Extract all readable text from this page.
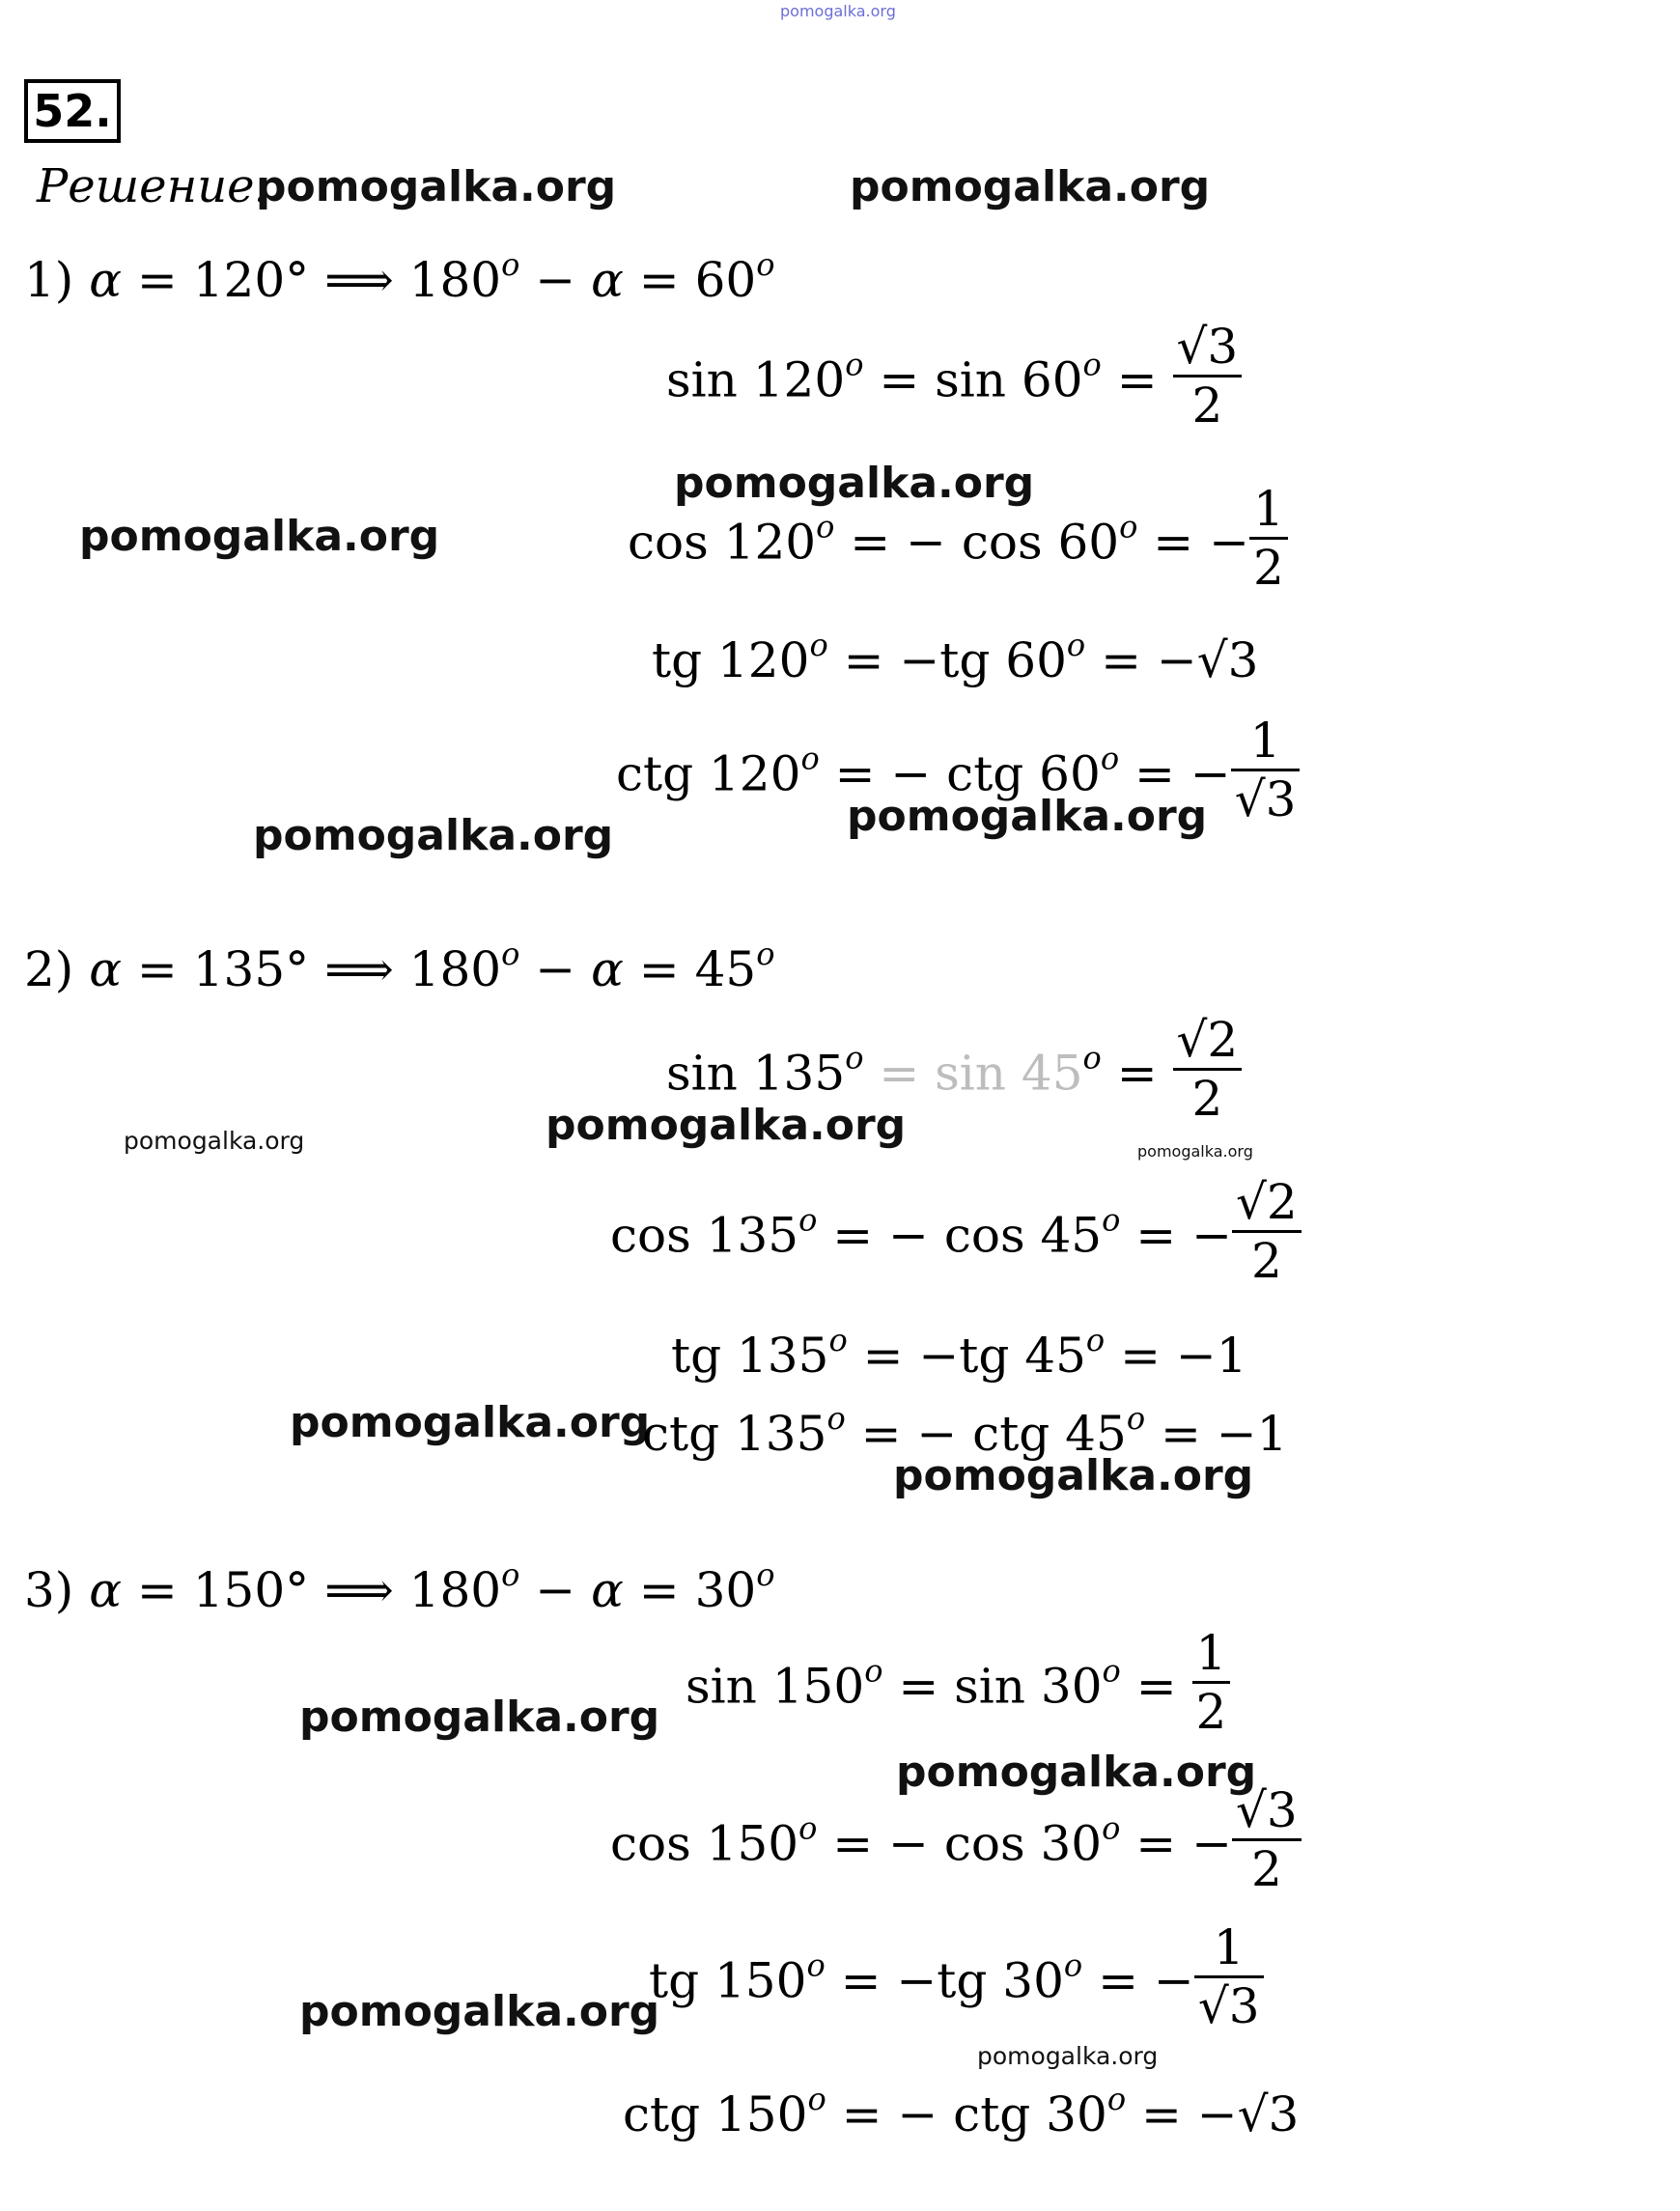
pomogalka.org
52.
Решение:
pomogalka.org	pomogalka.org
pomogalka.org
pomogalka.org
pomogalka.org	pomogalka.org
pomogalka.org	pomogalka.org
pomogalka.org
pomogalka.org
pomogalka.org
pomogalka.org
pomogalka.org
pomogalka.org
pomogalka.org
1) α = 120° ⟹ $180^o - \alpha = 60^o$
$\sin 120^o = \sin 60^o = \frac{√3}{2}$
$\cos 120^o$ = − $\cos 60^o$ = − $\frac{1}{2}$
tg $120^o = -tg$ $60^o = -√3$
ctg $120^o$ = − ctg $60^o$ = − $\frac{1}{√3}$
2) α = 135° ⟹ $180^o - \alpha = 45^o$
$\sin 135^o = \sin 45^o = \frac{√2}{2}$
$\cos 135^o$ = − $\cos 45^o$ = − $\frac{√2}{2}$
tg $135^o = -tg$ $45^o = -1$
ctg $135^o$ = − ctg $45^o = -1$
3) α = 150° ⟹ $180^o - \alpha = 30^o$
$\sin 150^o = \sin 30^o = \frac{1}{2}$
$\cos 150^o$ = − $\cos 30^o$ = − $\frac{√3}{2}$
tg $150^o = -tg$ $30^o$ = − $\frac{1}{√3}$
ctg $150^o$ = − ctg $30^o = -√3$
